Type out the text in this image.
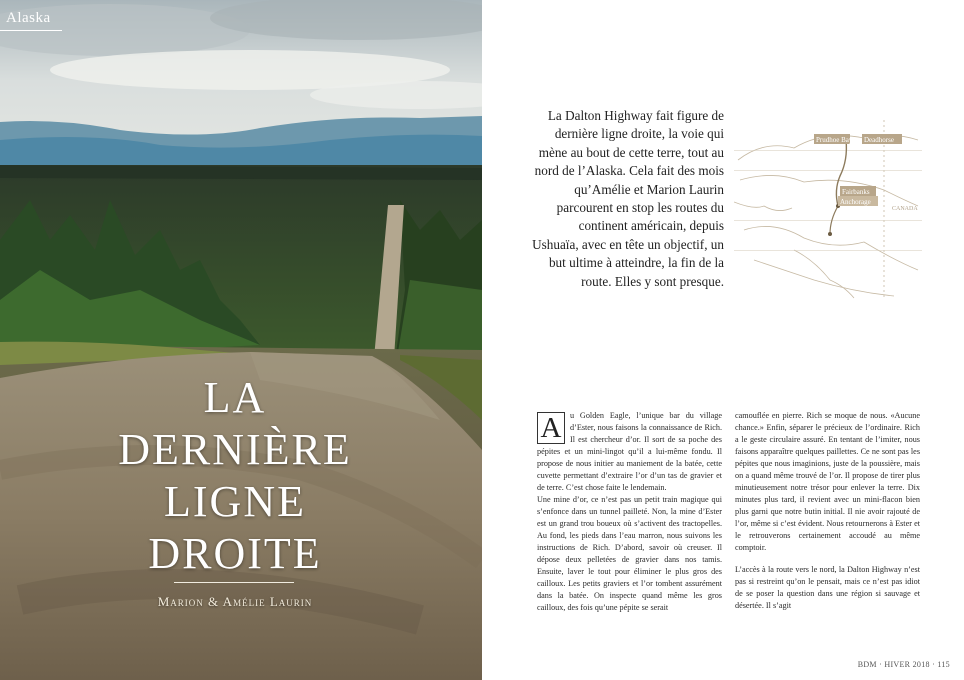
Alaska
LA
DERNIÈRE
LIGNE
DROITE
Marion & Amélie Laurin
La Dalton Highway fait figure de dernière ligne droite, la voie qui mène au bout de cette terre, tout au nord de l’Alaska. Cela fait des mois qu’Amélie et Marion Laurin parcourent en stop les routes du continent américain, depuis Ushuaïa, avec en tête un objectif, un but ultime à atteindre, la fin de la route. Elles y sont presque.
Prudhoe Bay Deadhorse
Fairbanks
Anchorage
CANADA

A	u Golden Eagle, l’unique bar du village d’Ester, nous faisons la connaissance de Rich. Il est chercheur d’or. Il sort de sa poche des pépites et un mini-lingot qu’il a lui-même fondu. Il propose de nous initier au maniement de la batée, cette cuvette permettant d’extraire l’or d’un tas de gravier et de terre. C’est chose faite le lendemain.

Une mine d’or, ce n’est pas un petit train magique qui s’enfonce dans un tunnel pailleté. Non, la mine d’Ester est un grand trou boueux où s’activent des tractopelles. Au fond, les pieds dans l’eau marron, nous suivons les instructions de Rich. D’abord, savoir où creuser. Il dépose deux pelletées de gravier dans nos tamis. Ensuite, laver le tout pour éliminer le plus gros des cailloux. Les petits graviers et l’or tombent assurément dans la batée. On inspecte quand même les gros cailloux, des fois qu’une pépite se serait

camouflée en pierre. Rich se moque de nous. «Aucune chance.» Enfin, séparer le précieux de l’ordinaire. Rich a le geste circulaire assuré. En tentant de l’imiter, nous faisons apparaître quelques paillettes. Ce ne sont pas les pépites que nous imaginions, juste de la poussière, mais on a quand même trouvé de l’or. Il propose de tirer plus minutieusement notre trésor pour enlever la terre. Dix minutes plus tard, il revient avec un mini-flacon bien plus garni que notre butin initial. Il nie avoir rajouté de l’or, même si c’est évident. Nous retournerons à Ester et le retrouverons certainement accoudé au même comptoir.

L’accès à la route vers le nord, la Dalton Highway n’est pas si restreint qu’on le pensait, mais ce n’est pas idiot de se poser la question dans une région si sauvage et désertée. Il s’agit

BDM · HIVER 2018 · 115
